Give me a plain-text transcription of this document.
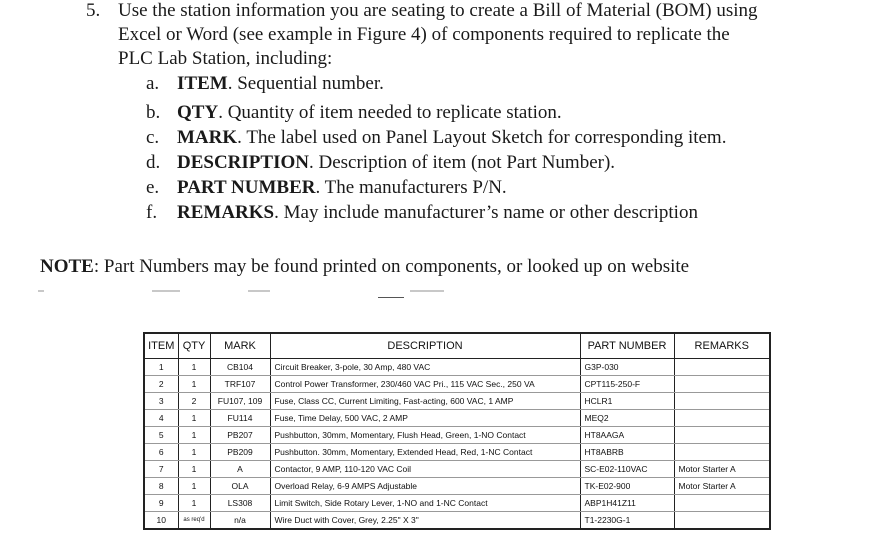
5. Use the station information you are seating to create a Bill of Material (BOM) using
Excel or Word (see example in Figure 4) of components required to replicate the
PLC Lab Station, including:
a. ITEM. Sequential number.
b. QTY. Quantity of item needed to replicate station.
c. MARK. The label used on Panel Layout Sketch for corresponding item.
d. DESCRIPTION. Description of item (not Part Number).
e. PART NUMBER. The manufacturers P/N.
f. REMARKS. May include manufacturer’s name or other description
NOTE: Part Numbers may be found printed on components, or looked up on website
ITEM	QTY	MARK	DESCRIPTION	PART NUMBER	REMARKS
1	1	CB104	Circuit Breaker, 3-pole, 30 Amp, 480 VAC	G3P-030	
2	1	TRF107	Control Power Transformer, 230/460 VAC Pri., 115 VAC Sec., 250 VA	CPT115-250-F	
3	2	FU107, 109	Fuse, Class CC, Current Limiting, Fast-acting, 600 VAC, 1 AMP	HCLR1	
4	1	FU114	Fuse, Time Delay, 500 VAC, 2 AMP	MEQ2	
5	1	PB207	Pushbutton, 30mm, Momentary, Flush Head, Green, 1-NO Contact	HT8AAGA	
6	1	PB209	Pushbutton. 30mm, Momentary, Extended Head, Red, 1-NC Contact	HT8ABRB	
7	1	A	Contactor, 9 AMP, 110-120 VAC Coil	SC-E02-110VAC	Motor Starter A
8	1	OLA	Overload Relay, 6-9 AMPS Adjustable	TK-E02-900	Motor Starter A
9	1	LS308	Limit Switch, Side Rotary Lever, 1-NO and 1-NC Contact	ABP1H41Z11	
10	as req'd	n/a	Wire Duct with Cover, Grey, 2.25" X 3"	T1-2230G-1	
